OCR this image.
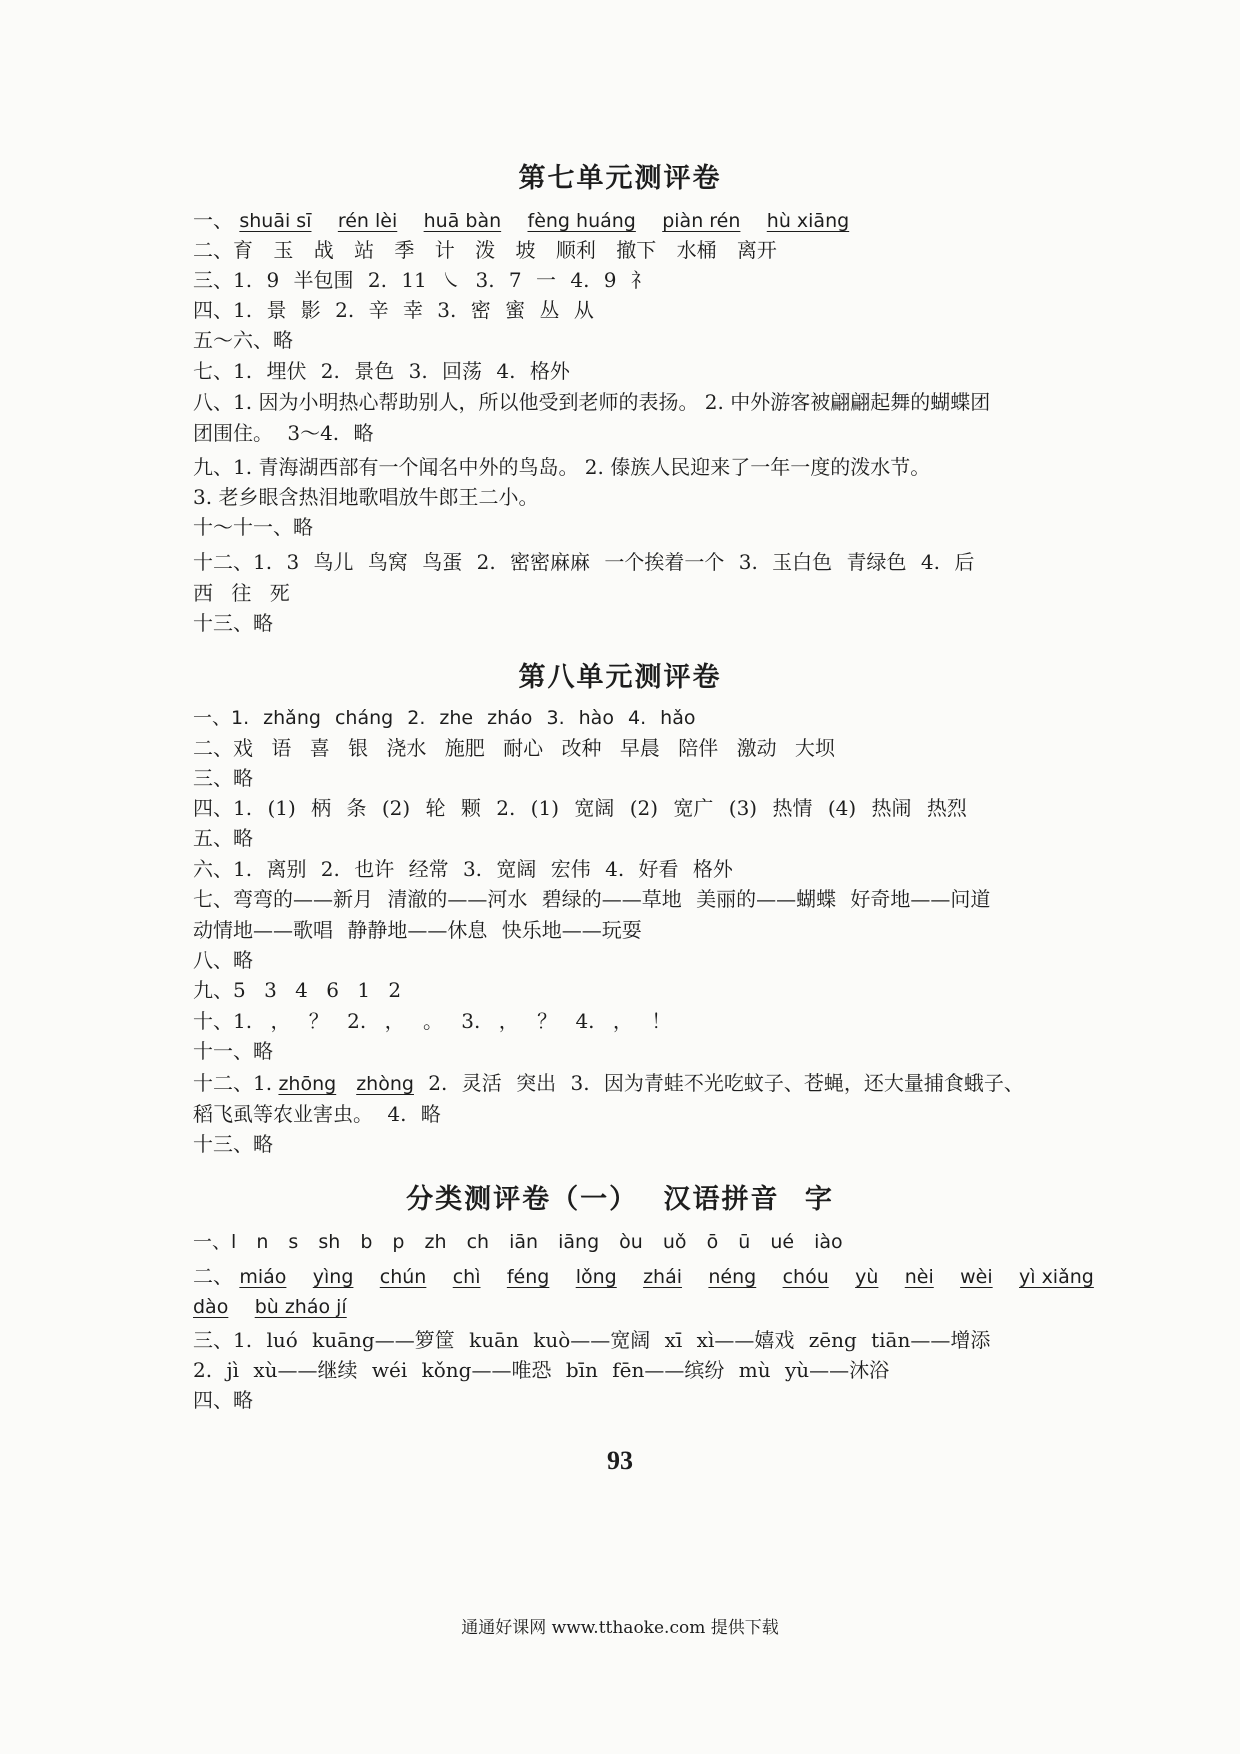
第七单元测评卷
一、 shuāi sī rén lèi huā bàn fèng huáng piàn rén hù xiāng
二、育 玉 战 站 季 计 泼 坡 顺利 撤下 水桶 离开
三、1. 9 半包围 2. 11 ㇏ 3. 7 一 4. 9 礻
四、1. 景 影 2. 辛 幸 3. 密 蜜 丛 从
五～六、略
七、1. 埋伏 2. 景色 3. 回荡 4. 格外
八、1. 因为小明热心帮助别人，所以他受到老师的表扬。 2. 中外游客被翩翩起舞的蝴蝶团
团围住。 3～4. 略
九、1. 青海湖西部有一个闻名中外的鸟岛。 2. 傣族人民迎来了一年一度的泼水节。
3. 老乡眼含热泪地歌唱放牛郎王二小。
十～十一、略
十二、1. 3 鸟儿 鸟窝 鸟蛋 2. 密密麻麻 一个挨着一个 3. 玉白色 青绿色 4. 后
西 往 死
十三、略
第八单元测评卷
一、1. zhǎng cháng 2. zhe zháo 3. hào 4. hǎo
二、戏 语 喜 银 浇水 施肥 耐心 改种 早晨 陪伴 激动 大坝
三、略
四、1. (1) 柄 条 (2) 轮 颗 2. (1) 宽阔 (2) 宽广 (3) 热情 (4) 热闹 热烈
五、略
六、1. 离别 2. 也许 经常 3. 宽阔 宏伟 4. 好看 格外
七、弯弯的——新月 清澈的——河水 碧绿的——草地 美丽的——蝴蝶 好奇地——问道
动情地——歌唱 静静地——休息 快乐地——玩耍
八、略
九、5 3 4 6 1 2
十、1. ， ？ 2. ， 。 3. ， ？ 4. ， ！
十一、略
十二、1. zhōng zhòng 2. 灵活 突出 3. 因为青蛙不光吃蚊子、苍蝇，还大量捕食蛾子、
稻飞虱等农业害虫。 4. 略
十三、略
分类测评卷（一） 汉语拼音 字
一、l n s sh b p zh ch iān iāng òu uǒ ō ū ué iào
二、 miáo yìng chún chì féng lǒng zhái néng chóu yù nèi wèi yì xiǎng
dào bù zháo jí
三、1. luó kuāng——箩筐 kuān kuò——宽阔 xī xì——嬉戏 zēng tiān——增添
2. jì xù——继续 wéi kǒng——唯恐 bīn fēn——缤纷 mù yù——沐浴
四、略
93
通通好课网 www.tthaoke.com 提供下载
